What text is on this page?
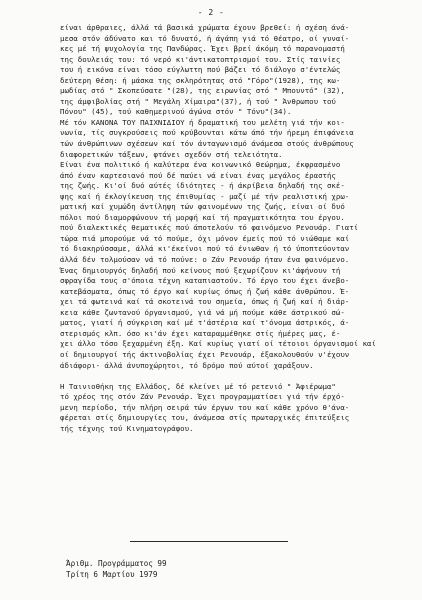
- 2 -
είναι άρθραιες, άλλά τά βασικά χρώματα έχουν βρεθεί: ή σχέση άνά-
μεσα στόν άδύνατο και τό δυνατό, ή άγάπη γιά τό θέατρο, οί γυναί-
κες μέ τή ψυχολογία της Πανδώρας. Έχει βρεί άκόμη τό παρανομαστή
της δουλειάς του: τό νερό κι'άντικατοπτρισμοί του. Στίς ταινίες
του ή εικόνα είναι τόσο εύγλωττη πού βάζει τό διάλογο σ'έντελώς
δεύτερη θέση: ή μάσκα της σκληρότητας στό "Γόρο"(1928), της κω-
μωδίας στό " Σκοπεύσατε "(28), της ειρωνίας στό " Μπουντό" (32),
της άμφιβολίας στή " Μεγάλη Χίμαιρα"(37), ή τού " Άνθρωπου τού
Πόνου" (45), τού καθημερινού άγώνα στόν " Τόνυ"(34).
Μέ τόν ΚΑΝΟΝΑ ΤΟΥ ΠΑΙΧΝΙΔΙΟΥ ή δραματική του μελέτη γιά τήν κοι-
νωνία, τίς συγκρούσεις πού κρύβουνται κάτω άπό τήν ήρεμη έπιφάνεια
τών άνθρώπινων σχέσεων καί τόν άνταγωνισμό άνάμεσα στούς άνθρώπους
διαφορετικών τάξεων, φτάνει σχεδόν στή τελειότητα.
Είναι ένα πολιτικό ή καλύτερα ένα κοινωνικό θεώρημα, έκφρασμένο
άπό έναν καρτεσιανό πού δέ παύει νά είναι ένας μεγάλος έραστής
της ζωής. Κι'οί δυό αύτές ίδιότητες - ή άκρίβεια δηλαδή της σκέ-
ψης καί ή έκλογίκευση της έπιθυμίας - μαζί μέ τήν ρεαλιστική χρω-
ματική καί χυμώδη άντίληψη τών φαινομένων της ζωής, είναι οί δυό
πόλοι πού διαμορφώνουν τή μορφή καί τή πραγματικότητα του έργου.
πού διαλεκτικές θεματικές πού άποτελούν τό φαινόμενο Ρενουάρ. Γιατί
τώρα πιά μπορούμε νά τό πούμε, όχι μόνον έμείς πού τό νιώθαμε καί
τό διακηρύσσαμε, άλλά κι'έκείνοι πού τό ένιωθαν ή τό ύποπτεύονταν
άλλά δέν τολμούσαν νά τό πούνε: ο Ζάν Ρενουάρ ήταν ένα φαινόμενο.
Ένας δημιουργός δηλαδή πού κείνους πού ξεχωρίζουν κι'άφήνουν τή
σφραγίδα τους σ'όποια τέχνη καταπιαστούν. Τό έργο του έχει άνεβο-
κατεβάσματα, όπως τό έργο καί κυρίως όπως ή ζωή κάθε άνθρώπου. Έ-
χει τά φωτεινά καί τά σκοτεινά του σημεία, όπως ή ζωή καί ή διάρ-
κεια κάθε ζωντανού όργανισμού, γιά νά μή πούμε κάθε άστρικού σώ-
ματος, γιατί ή σύγκριση καί μέ τ'άστέρια καί τ'όνομα άστρικός, ά-
στερισμός κλπ. όσο κι'άν έχει καταραμμέθηκε στίς ήμέρες μας, έ-
χει άλλο τόσο ξεχαρμένη έξη. Καί κυρίως γιατί οί τέτοιοι όργανισμοί καί
οί δημιουργοί τής άκτινοβολίας έχει Ρενουάρ, έξακολουθούν ν'έχουν
άδιάφορι- άλλά άνυποχώρητοι, τό δρόμο πού αύτοί χαράξουν.
Η Ταινιοθήκη της Ελλάδος, δέ κλείνει μέ τό ρετενιό " Άφιέρωμα"
τό χρέος της στόν Ζάν Ρενουάρ. Έχει προγραμματίσει γιά τήν έρχό-
μενη περίοδο, τήν πλήρη σειρά τών έργων του καί κάθε χρόνο θ'άνα-
φέρεται στίς δημιουργίες του, άνάμεσα στίς πρωταρχικές έπιτεύξεις
τής τέχνης τού Κινηματογράφου.
Άριθμ. Προγράμματος 99
Τρίτη 6 Μαρτίου 1979
